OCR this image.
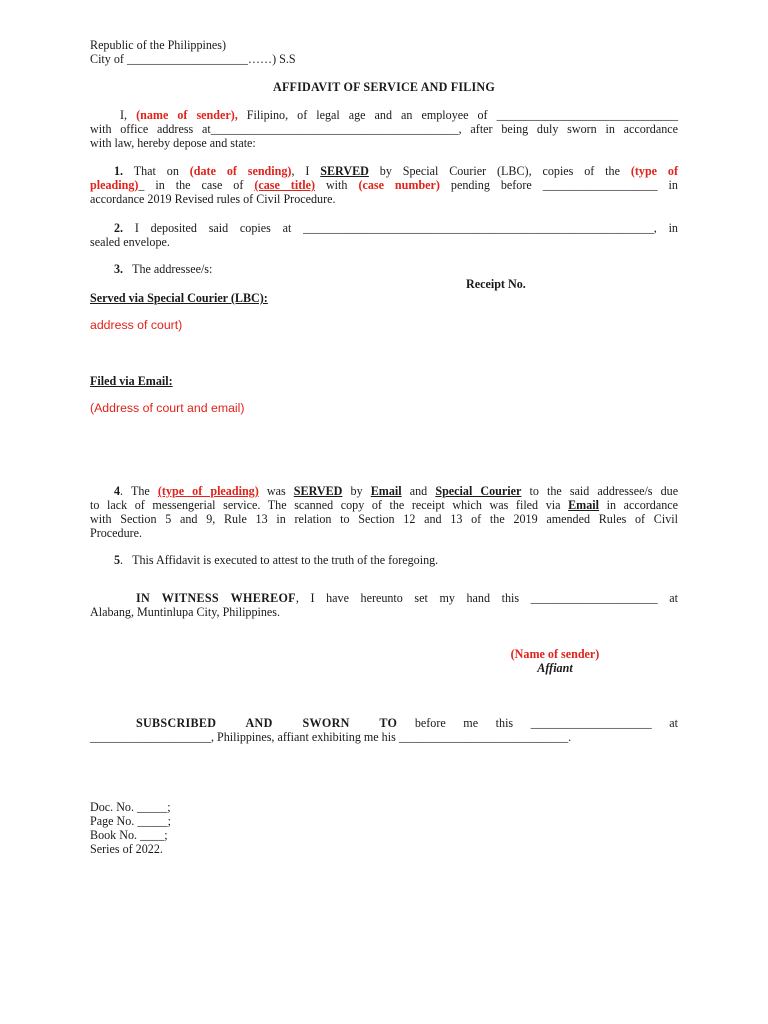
Republic of the Philippines)
City of ____________________……) S.S
AFFIDAVIT OF SERVICE AND FILING
I, (name of sender), Filipino, of legal age and an employee of ______________________________
with office address at_________________________________________, after being duly sworn in accordance
with law, hereby depose and state:
1. That on (date of sending), I SERVED by Special Courier (LBC), copies of the (type of
pleading)_ in the case of (case title) with (case number) pending before ___________________ in
accordance 2019 Revised rules of Civil Procedure.
2. I deposited said copies at __________________________________________________________, in
sealed envelope.
3. The addressee/s:
Receipt No.
Served via Special Courier (LBC):
address of court)
Filed via Email:
(Address of court and email)
4. The (type of pleading) was SERVED by Email and Special Courier to the said addressee/s due
to lack of messengerial service. The scanned copy of the receipt which was filed via Email in accordance
with Section 5 and 9, Rule 13 in relation to Section 12 and 13 of the 2019 amended Rules of Civil
Procedure.
5. This Affidavit is executed to attest to the truth of the foregoing.
IN WITNESS WHEREOF, I have hereunto set my hand this _____________________ at
Alabang, Muntinlupa City, Philippines.
(Name of sender)
Affiant
SUBSCRIBED AND SWORN TO before me this ____________________ at
____________________, Philippines, affiant exhibiting me his ____________________________.
Doc. No. _____;
Page No. _____;
Book No. ____;
Series of 2022.
